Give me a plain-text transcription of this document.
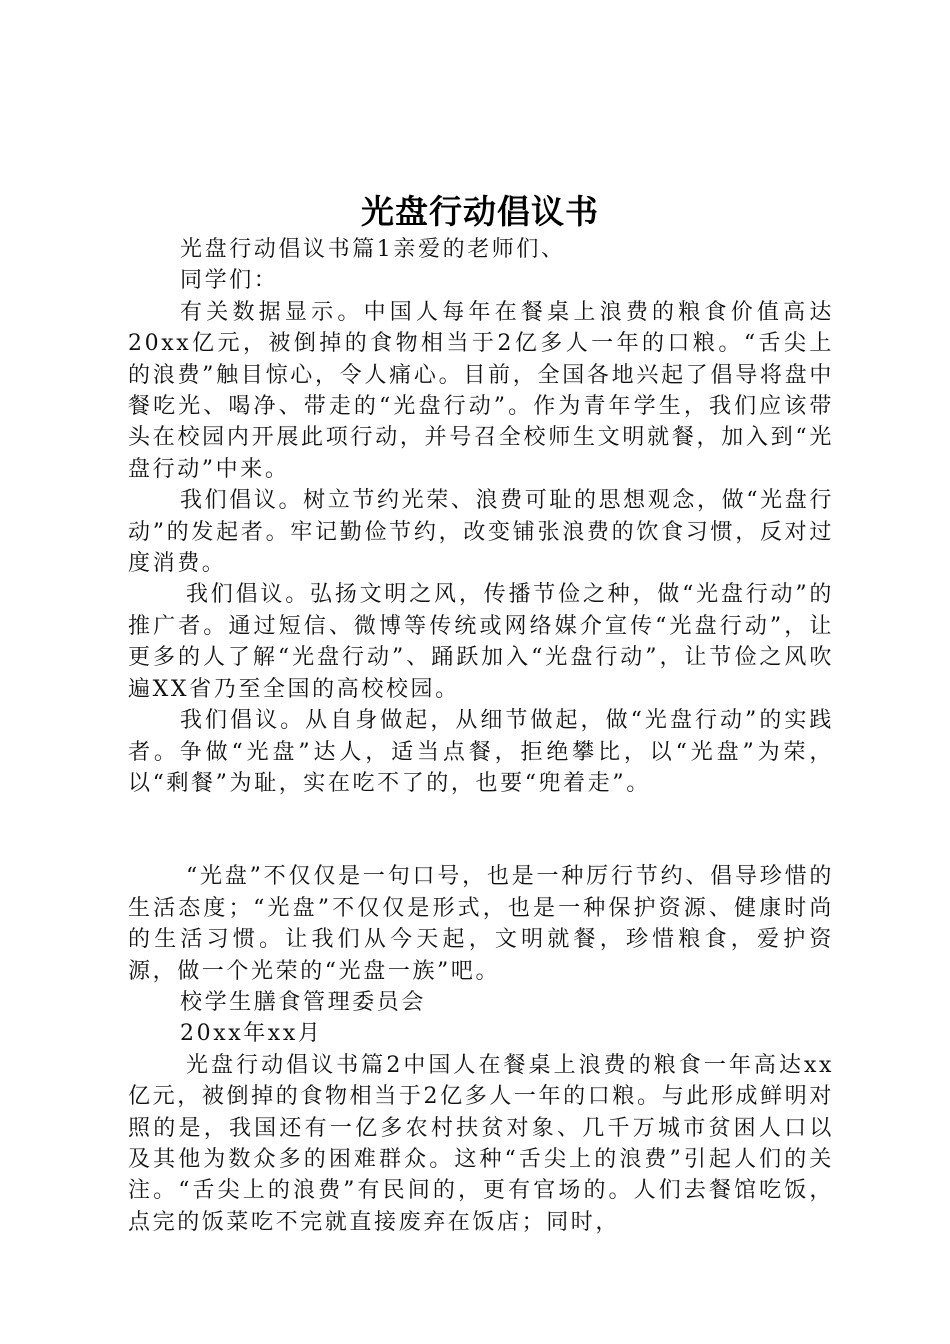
光盘行动倡议书

光盘行动倡议书篇1亲爱的老师们、

同学们：

有关数据显示。中国人每年在餐桌上浪费的粮食价值高达20xx亿元，被倒掉的食物相当于2亿多人一年的口粮。“舌尖上的浪费”触目惊心，令人痛心。目前，全国各地兴起了倡导将盘中餐吃光、喝净、带走的“光盘行动”。作为青年学生，我们应该带头在校园内开展此项行动，并号召全校师生文明就餐，加入到“光盘行动”中来。

我们倡议。树立节约光荣、浪费可耻的思想观念，做“光盘行动”的发起者。牢记勤俭节约，改变铺张浪费的饮食习惯，反对过度消费。

我们倡议。弘扬文明之风，传播节俭之种，做“光盘行动”的推广者。通过短信、微博等传统或网络媒介宣传“光盘行动”，让更多的人了解“光盘行动”、踊跃加入“光盘行动”，让节俭之风吹遍XX省乃至全国的高校校园。

我们倡议。从自身做起，从细节做起，做“光盘行动”的实践者。争做“光盘”达人，适当点餐，拒绝攀比，以“光盘”为荣，以“剩餐”为耻，实在吃不了的，也要“兜着走”。

“光盘”不仅仅是一句口号，也是一种厉行节约、倡导珍惜的生活态度；“光盘”不仅仅是形式，也是一种保护资源、健康时尚的生活习惯。让我们从今天起，文明就餐，珍惜粮食，爱护资源，做一个光荣的“光盘一族”吧。

校学生膳食管理委员会

20xx年xx月

光盘行动倡议书篇2中国人在餐桌上浪费的粮食一年高达xx亿元，被倒掉的食物相当于2亿多人一年的口粮。与此形成鲜明对照的是，我国还有一亿多农村扶贫对象、几千万城市贫困人口以及其他为数众多的困难群众。这种“舌尖上的浪费”引起人们的关注。“舌尖上的浪费”有民间的，更有官场的。人们去餐馆吃饭，点完的饭菜吃不完就直接废弃在饭店；同时，
